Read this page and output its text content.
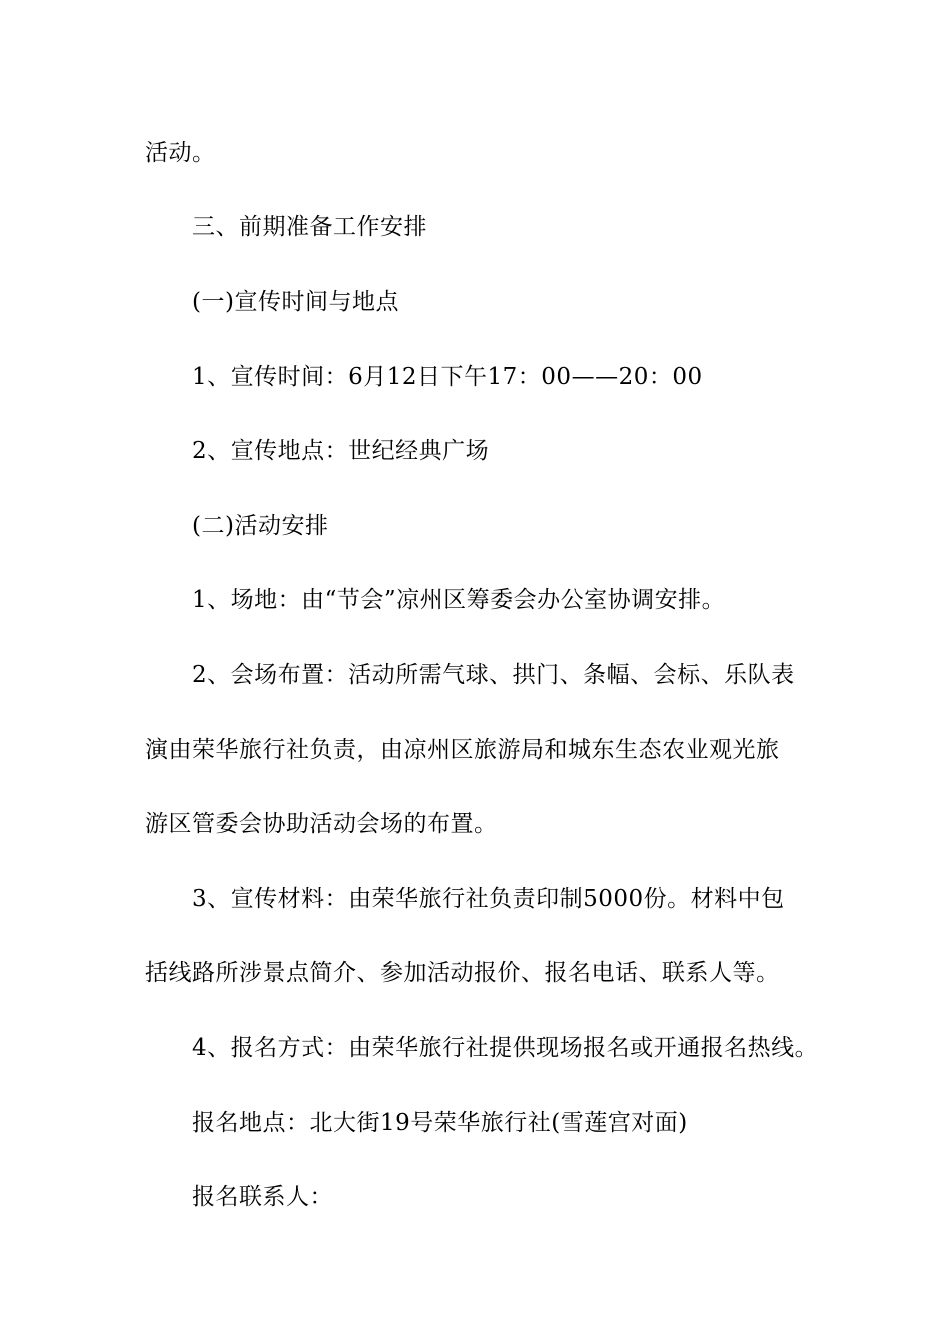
活动。
三、前期准备工作安排
(一)宣传时间与地点
1、宣传时间：6月12日下午17：00——20：00
2、宣传地点：世纪经典广场
(二)活动安排
1、场地：由“节会”凉州区筹委会办公室协调安排。
2、会场布置：活动所需气球、拱门、条幅、会标、乐队表
演由荣华旅行社负责，由凉州区旅游局和城东生态农业观光旅
游区管委会协助活动会场的布置。
3、宣传材料：由荣华旅行社负责印制5000份。材料中包
括线路所涉景点简介、参加活动报价、报名电话、联系人等。
4、报名方式：由荣华旅行社提供现场报名或开通报名热线。
报名地点：北大街19号荣华旅行社(雪莲宫对面)
报名联系人：
